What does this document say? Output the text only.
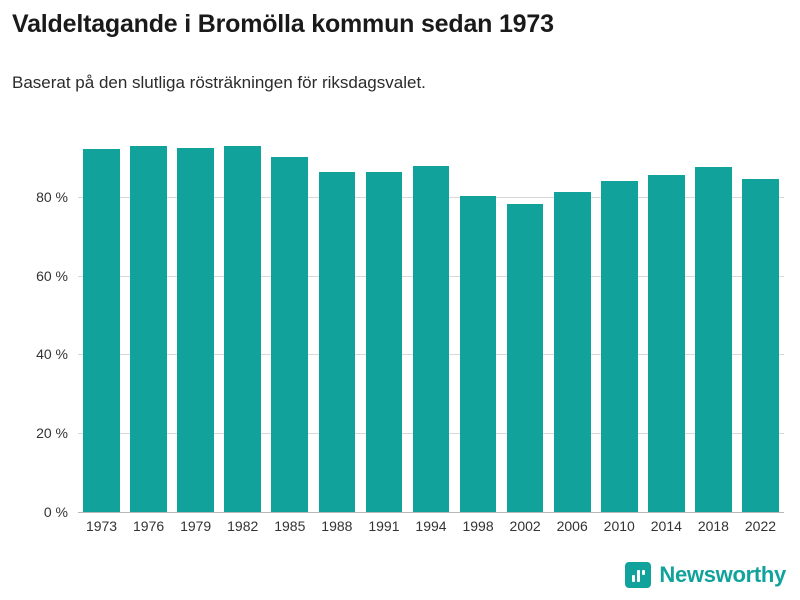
Valdeltagande i Bromölla kommun sedan 1973
Baserat på den slutliga rösträkningen för riksdagsvalet.
0 %
20 %
40 %
60 %
80 %
1973	1976	1979	1982	1985	1988	1991	1994	1998	2002	2006	2010	2014	2018	2022
Newsworthy
